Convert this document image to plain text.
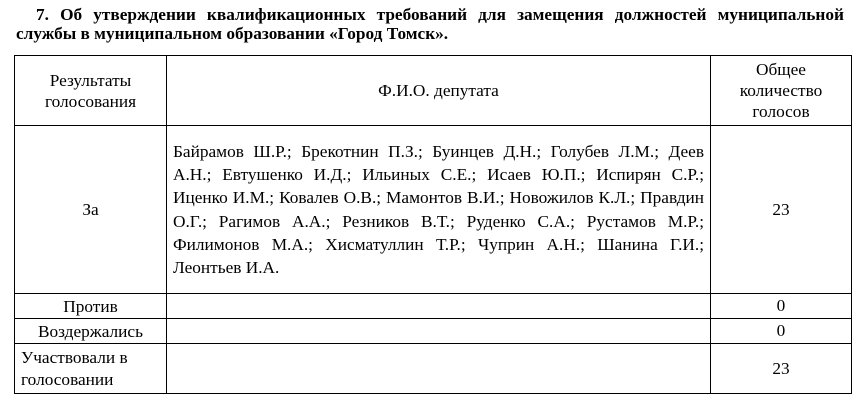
7. Об утверждении квалификационных требований для замещения должностей муниципальной службы в муниципальном образовании «Город Томск».
Результаты голосования	Ф.И.О. депутата	Общее количество голосов
За	Байрамов Ш.Р.; Брекотнин П.З.; Буинцев Д.Н.; Голубев Л.М.; Деев А.Н.; Евтушенко И.Д.; Ильиных С.Е.; Исаев Ю.П.; Испирян С.Р.; Иценко И.М.; Ковалев О.В.; Мамонтов В.И.; Новожилов К.Л.; Правдин О.Г.; Рагимов А.А.; Резников В.Т.; Руденко С.А.; Рустамов М.Р.; Филимонов М.А.; Хисматуллин Т.Р.; Чуприн А.Н.; Шанина Г.И.; Леонтьев И.А.	23
Против		0
Воздержались		0
Участвовали в голосовании		23
